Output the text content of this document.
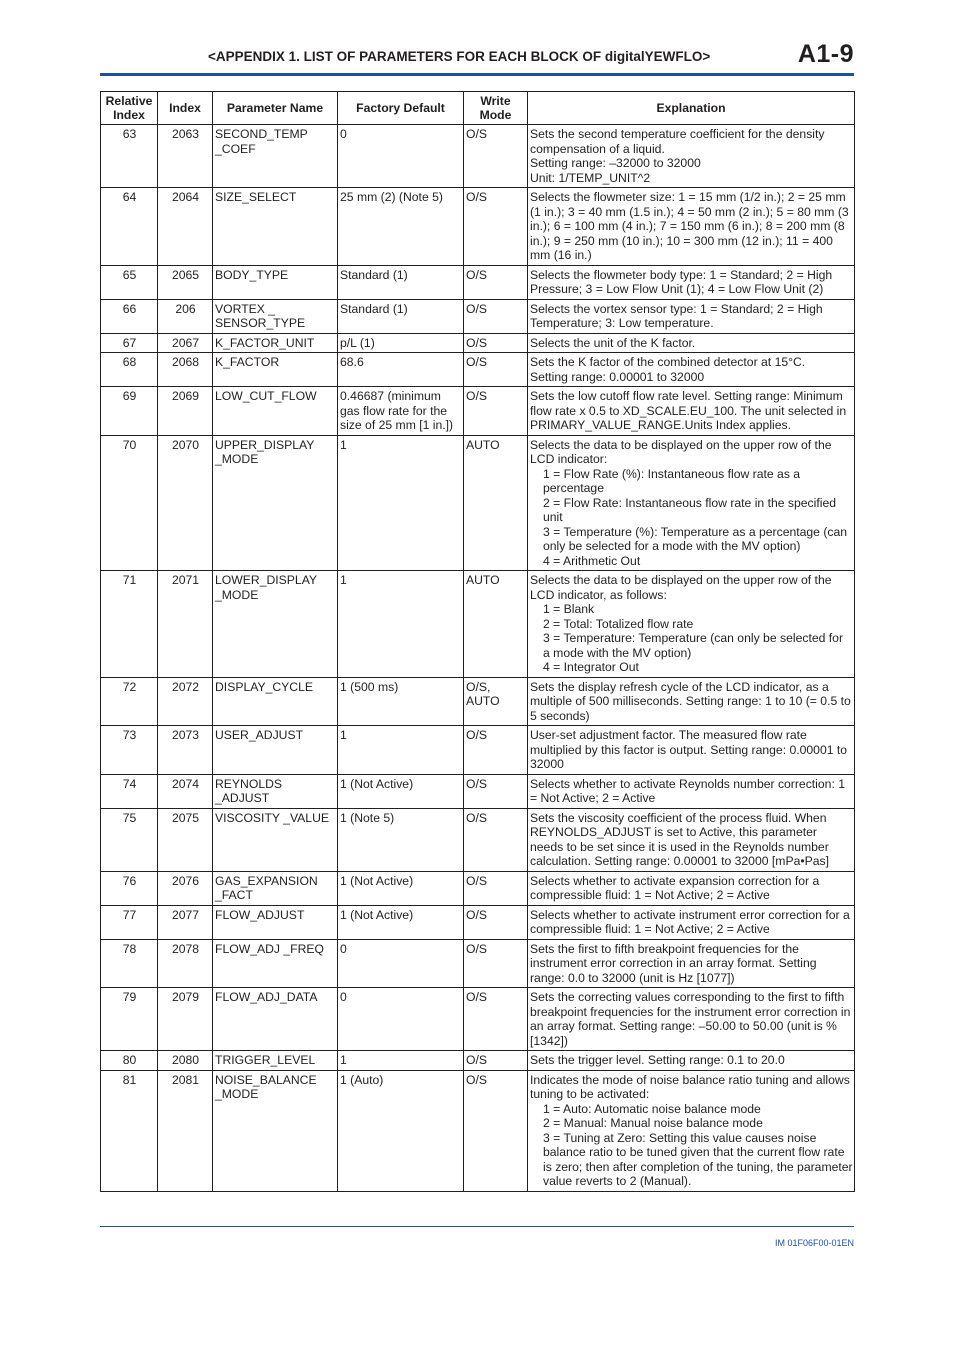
<APPENDIX 1. LIST OF PARAMETERS FOR EACH BLOCK OF digitalYEWFLO>	A1-9
Relative Index	Index	Parameter Name	Factory Default	Write Mode	Explanation
63	2063	SECOND_TEMP _COEF	0	O/S	Sets the second temperature coefficient for the density compensation of a liquid.
Setting range: –32000 to 32000
Unit: 1/TEMP_UNIT^2

64	2064	SIZE_SELECT	25 mm (2) (Note 5)	O/S	Selects the flowmeter size: 1 = 15 mm (1/2 in.); 2 = 25 mm (1 in.); 3 = 40 mm (1.5 in.); 4 = 50 mm (2 in.); 5 = 80 mm (3 in.); 6 = 100 mm (4 in.); 7 = 150 mm (6 in.); 8 = 200 mm (8 in.); 9 = 250 mm (10 in.); 10 = 300 mm (12 in.); 11 = 400 mm (16 in.)

65	2065	BODY_TYPE	Standard (1)	O/S	Selects the flowmeter body type: 1 = Standard; 2 = High Pressure; 3 = Low Flow Unit (1); 4 = Low Flow Unit (2)

66	206	VORTEX _ SENSOR_TYPE	Standard (1)	O/S	Selects the vortex sensor type: 1 = Standard; 2 = High Temperature; 3: Low temperature.

67	2067	K_FACTOR_UNIT	p/L (1)	O/S	Selects the unit of the K factor.

68	2068	K_FACTOR	68.6	O/S	Sets the K factor of the combined detector at 15°C.
Setting range: 0.00001 to 32000

69	2069	LOW_CUT_FLOW	0.46687 (minimum gas flow rate for the size of 25 mm [1 in.])	O/S	Sets the low cutoff flow rate level. Setting range: Minimum flow rate x 0.5 to XD_SCALE.EU_100. The unit selected in PRIMARY_VALUE_RANGE.Units Index applies.

70	2070	UPPER_DISPLAY _MODE	1	AUTO	Selects the data to be displayed on the upper row of the LCD indicator:
1 = Flow Rate (%): Instantaneous flow rate as a percentage
2 = Flow Rate: Instantaneous flow rate in the specified unit
3 = Temperature (%): Temperature as a percentage (can only be selected for a mode with the MV option)
4 = Arithmetic Out

71	2071	LOWER_DISPLAY _MODE	1	AUTO	Selects the data to be displayed on the upper row of the LCD indicator, as follows:
1 = Blank
2 = Total: Totalized flow rate
3 = Temperature: Temperature (can only be selected for a mode with the MV option)
4 = Integrator Out

72	2072	DISPLAY_CYCLE	1 (500 ms)	O/S, AUTO	Sets the display refresh cycle of the LCD indicator, as a multiple of 500 milliseconds. Setting range: 1 to 10 (= 0.5 to 5 seconds)

73	2073	USER_ADJUST	1	O/S	User-set adjustment factor. The measured flow rate multiplied by this factor is output. Setting range: 0.00001 to 32000

74	2074	REYNOLDS _ADJUST	1 (Not Active)	O/S	Selects whether to activate Reynolds number correction: 1 = Not Active; 2 = Active

75	2075	VISCOSITY _VALUE	1 (Note 5)	O/S	Sets the viscosity coefficient of the process fluid. When REYNOLDS_ADJUST is set to Active, this parameter needs to be set since it is used in the Reynolds number calculation. Setting range: 0.00001 to 32000 [mPa•Pas]

76	2076	GAS_EXPANSION _FACT	1 (Not Active)	O/S	Selects whether to activate expansion correction for a compressible fluid: 1 = Not Active; 2 = Active

77	2077	FLOW_ADJUST	1 (Not Active)	O/S	Selects whether to activate instrument error correction for a compressible fluid: 1 = Not Active; 2 = Active

78	2078	FLOW_ADJ _FREQ	0	O/S	Sets the first to fifth breakpoint frequencies for the instrument error correction in an array format. Setting range: 0.0 to 32000 (unit is Hz [1077])

79	2079	FLOW_ADJ_DATA	0	O/S	Sets the correcting values corresponding to the first to fifth breakpoint frequencies for the instrument error correction in an array format. Setting range: –50.00 to 50.00 (unit is % [1342])

80	2080	TRIGGER_LEVEL	1	O/S	Sets the trigger level. Setting range: 0.1 to 20.0

81	2081	NOISE_BALANCE _MODE	1 (Auto)	O/S	Indicates the mode of noise balance ratio tuning and allows tuning to be activated:
1 = Auto: Automatic noise balance mode
2 = Manual: Manual noise balance mode
3 = Tuning at Zero: Setting this value causes noise balance ratio to be tuned given that the current flow rate is zero; then after completion of the tuning, the parameter value reverts to 2 (Manual).
IM 01F06F00-01EN
